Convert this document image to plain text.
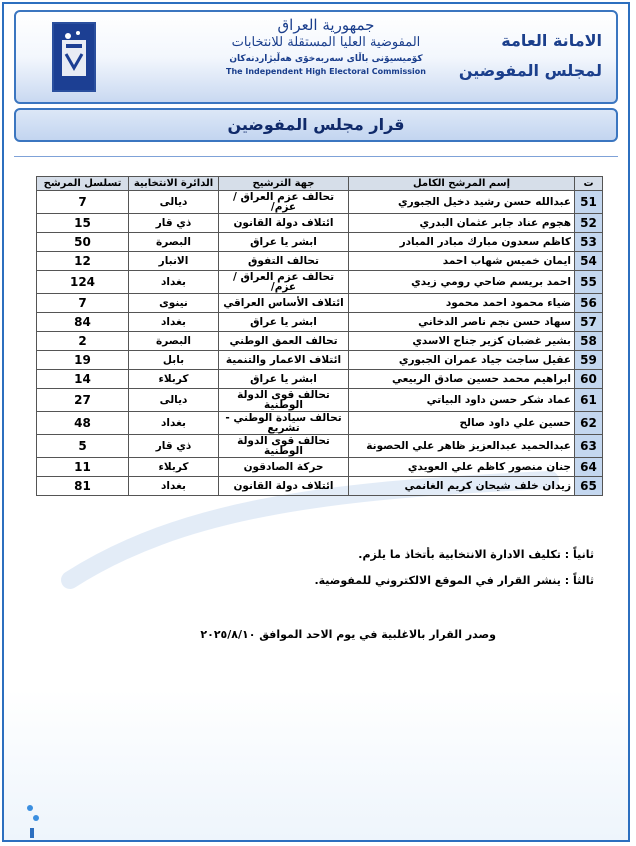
جمهورية العراق
المفوضية العليا المستقلة للانتخابات
كۆمیسیۆنی باڵای سەربەخۆی هەڵبژاردنەکان
The Independent High Electoral Commission
الامانة العامة
لمجلس المفوضين
قرار مجلس المفوضين
ت	إسم المرشح الكامل	جهة الترشيح	الدائرة الانتخابية	تسلسل المرشح
51	عبدالله حسن رشيد دخيل الجبوري	تحالف عزم العراق /عزم/	ديالى	7
52	هجوم عناد جابر عثمان البدري	ائتلاف دولة القانون	ذي قار	15
53	كاظم سعدون مبارك مبادر المبادر	ابشر يا عراق	البصرة	50
54	ايمان خميس شهاب احمد	تحالف التفوق	الانبار	12
55	احمد بريسم ضاحي رومي زيدي	تحالف عزم العراق /عزم/	بغداد	124
56	ضياء محمود احمد محمود	ائتلاف الأساس العراقي	نينوى	7
57	سهاد حسن نجم ناصر الدخاني	ابشر يا عراق	بغداد	84
58	بشير غضبان كزير جناح الاسدي	تحالف العمق الوطني	البصرة	2
59	عقيل ساجت جياد عمران الجبوري	ائتلاف الاعمار والتنمية	بابل	19
60	ابراهيم محمد حسين صادق الربيعي	ابشر يا عراق	كربلاء	14
61	عماد شكر حسن داود البياتي	تحالف قوى الدولة الوطنية	ديالى	27
62	حسين علي داود صالح	تحالف سيادة الوطني - تشريع	بغداد	48
63	عبدالحميد عبدالعزيز ظاهر علي الحصونة	تحالف قوى الدولة الوطنية	ذي قار	5
64	جنان منصور كاظم علي العويدي	حركة الصادقون	كربلاء	11
65	زيدان خلف شيحان كريم الغانمي	ائتلاف دولة القانون	بغداد	81
ثانياً : تكليف الادارة الانتخابية بأتخاذ ما يلزم.
ثالثاً : ينشر القرار في الموقع الالكتروني للمفوضية.
وصدر القرار بالاغلبية في يوم الاحد الموافق ٢٠٢٥/٨/١٠
